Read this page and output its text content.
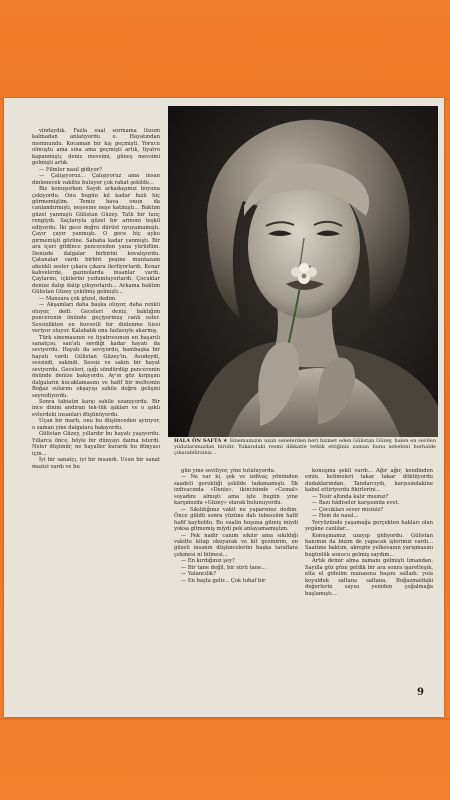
vindaydık. Fazla sual sormama lüzum kalmadan anlatıyordu o. Hayatından memnundu. Kocaman bir kış geçmişti. Yorucu olmuştu ama sına ama geçmişti artık, tiyatro kapanmıştı, deniz mevsimi, güneş mevsimi gelmişti artık.

— Filmler nasıl gidiyor?

— Çalışıyoruz... Çalışıyoruz ama insan dinlenecek vakitte buluyor çok rahat şekilde...

Biz konuşurken Saydi arkadaşımız boyuna çekiyordu. Onu bugün kıl kadar hızlı hiç görmemiştim. Temiz hava onun da canlandırmıştı, neşesine neşe katmıştı... Baktım güzel yanmıştı Gülistan Güzey. Tatlı bir tunç rengiydi. Saçlarıyla güzel bir armoni teşkil ediyordu. İki gece doğru dürüst uyuyamamıştı. Çayır çayır yanmıştı. O gece hiç uyku girmemişti gözüne. Sabaha kadar yanmıştı. Bir ara içeri gitdince pencereden yana yürüdüm. Denizde dalgalar birbirini kovalıyordu. Çatanalar vardı birbiri peşine muntazam ahenkli sesler çıkara çıkara ilerliyorlardı. Kenar kahvelerde, gazinolarda insanlar vardı. Çaylarını, içkilerini yudumluyorlardı. Çocuklar denize dalıp dalıp çıkıyorlardı... Arkama baktım Gülistan Güzey çekilmiş gelmişti...

— Manzara çok güzel, dedim.

— Akşamları daha başka oluyor, daha renkli oluyor, dedi. Geceleri deniz, baktığım pencerenin önünde geçiyormuş canlı esler. Sessizlikten en kuvvetli bir dinlenme hissi veriyor oluyor. Kalabalık onu fazlasıyle akarmış.

Türk sinemasının ve tiyatrosunun en başarılı sanatçısı, san'atı sevdiği kadar hayatı da seviyordu. Hayatı da seviyordu, bambaşka bir hayatı vardı Gülistan Güzey'in. Asudeydi, sessizdi, sakindi. Sessiz ve sakin bir hayat seviyordu. Geceleri, ışığı söndürdüp pencerenin önünde denize bakıyordu. Ay'ın göz kırpışını dalgaların kucaklamasını ve hafif bir meltemin Boğaz sularını okşayışı sahile doğru gelişini seyrediyordu.

Sonra tabiatın karşı sahile uzanıyordu. Bir ince dinini andıran tek-tük ışıkları ve o ışıklı evlerdeki insanları düşünüyordu.

Uçan bir martı, onu bu düşünceden ayırıyor, o zaman yine dalgalara bakıyordu.

Gülistan Güzey, yıllardır bu hayatı yaşıyordu. Yıllarca önce, böyle bir dünyayı daima isterdi. Neler düşünür, ne hayaller kurardı bu dünyası için...

İyi bir sanatçı, iyi bir insandı. Usun bir sanat mazisi vardı ve bu

HALA ÖN SAFTA ★ Sinemamızın uzun senelerden beri hizmet eden Gülistan Güzey, halen en sevilen yıldızlarımızdan biridir. Yukarıdaki resmi dikkatle tetkik ettiğiniz zaman bunu sebebini herhalde çıkarabilirsiniz...

gün yine seviliyor, yine tutuluyordu.

— Ne var ki, şek ve izdivaç yönünden saadeti gerektiği şekilde tadamamıştı. İlk izdivacında «Deniz», ikincisinde «Cemal» soyadını almıştı ama işte bugün yine karşımızda «Güzey» olarak bulunuyordu.

— Sıkıldığınız vakit ne yaparsınız dedim. Önce güldü sonra yüzüne dalı tebessüm hafif hafif kayboldu. Bu sualin hoşuna gitmiş miydi yoksa gitmemiş miydi pek anlayamamıştım.

— Pek nadir canım sıkılır ama sıkıldığı vakitte kitap okuyarak ve kit gezinirim, en güzeli insanın düşüncelerini başka taraflara çekmesi ni bilmesi...

— En kırdığınız şey?

— Bir tane değil, bir sürü tane...

— Yalancılık?

— En başta gelir... Çok tuhaf bir

konuşma şekli vardı... Ağır ağır, kendinden emin, kelimeleri takar takar döktüyordu dudaklarından. Tandarcıydı, karşısındakine kabul ettiriyordu fikirlerini...

— Tesir altında kalır mısınız?

— Bazı hâdiseler karşısında evet.

— Çocukları sever misiniz?

— Hem de nasıl...

Yeryüzünde yaşamağa gerçekten hakları olan yegâne canlılar...

Konuşmamız uzayıp gidiyordu. Gülistan hanımın da bizim de yapacak işlerimiz vardı... Saatime baktım, akrepte yelkovanın yarışmasını bugünlük sonucu gelmiş saydım...

Artık demir alma zamanı gelmişti limandan. Sayılla göz göze geldik bir ara sonra işaretleşik, elta el gidelim manasına başını salladı. yola koyulduk saltana saltana. Boğazmaldaki değerlerin sayısı yeniden çoğalmağa başlamıştı...

9
